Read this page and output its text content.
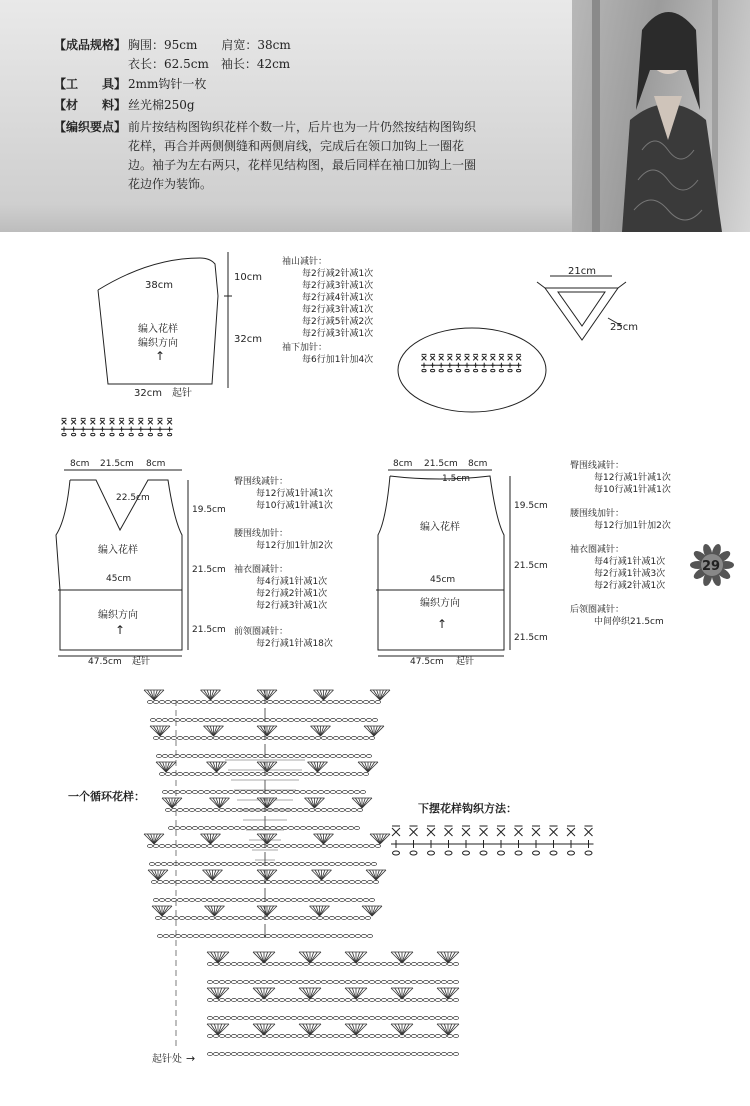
【成品规格】 胸围：95cm　　肩宽：38cm
衣长：62.5cm　袖长：42cm
【工　　具】 2mm钩针一枚
【材　　料】 丝光棉250g
【编织要点】 前片按结构图钩织花样个数一片，后片也为一片仍然按结构图钩织
花样，再合并两侧侧缝和两侧肩线，完成后在领口加钩上一圈花
边。袖子为左右两只，花样见结构图，最后同样在袖口加钩上一圈
花边作为装饰。
38cm
10cm
32cm
32cm 起针
编入花样
编织方向
↑
袖山减针：
每2行减2针减1次
每2行减3针减1次
每2行减4针减1次
每2行减3针减1次
每2行减5针减2次
每2行减3针减1次
袖下加针：
每6行加1针加4次
21cm
25cm
8cm 21.5cm 8cm
22.5cm
编入花样
45cm
编织方向
↑
47.5cm 起针
19.5cm
21.5cm
21.5cm
臀围线减针：
每12行减1针减1次
每10行减1针减1次
腰围线加针：
每12行加1针加2次
袖衣圈减针：
每4行减1针减1次
每2行减2针减1次
每2行减3针减1次
前领圈减针：
每2行减1针减18次
8cm 21.5cm 8cm
1.5cm
编入花样
45cm
编织方向
↑
47.5cm 起针
19.5cm
21.5cm
21.5cm
臀围线减针：
每12行减1针减1次
每10行减1针减1次
腰围线加针：
每12行加1针加2次
袖衣圈减针：
每4行减1针减1次
每2行减1针减3次
每2行减2针减1次
后领圈减针：
中间停织21.5cm
29
一个循环花样：
起针处 →
下摆花样钩织方法：
